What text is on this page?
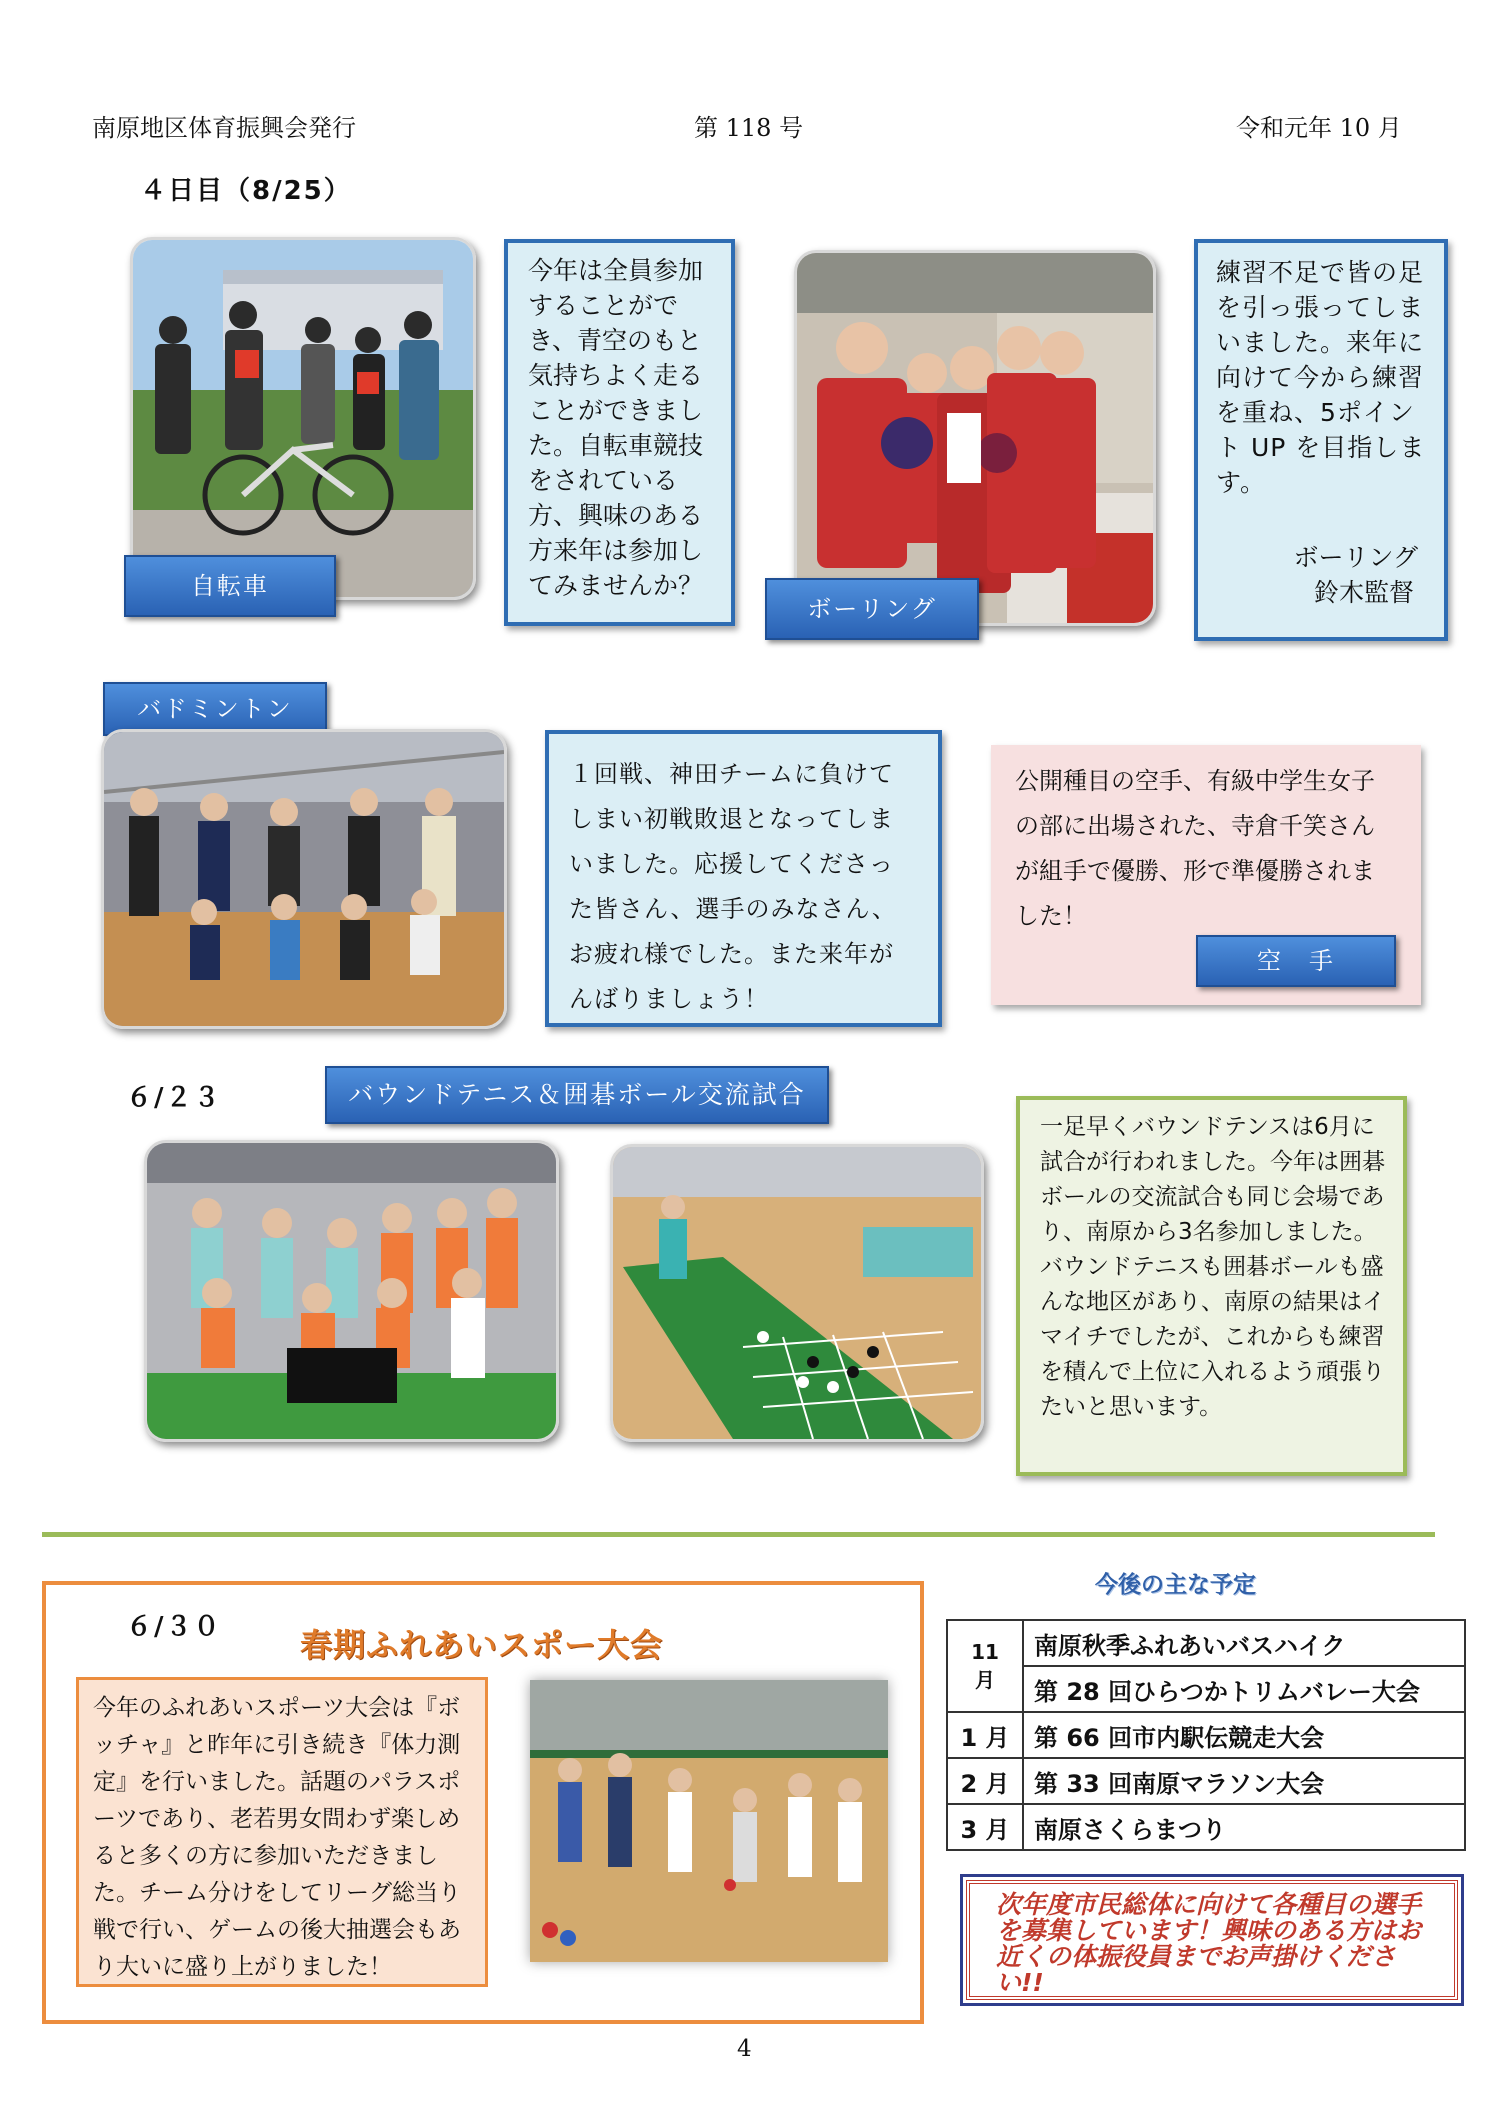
南原地区体育振興会発行	第 118 号	令和元年 10 月
４日目（8/25）
自転車
今年は全員参加することができ、青空のもと気持ちよく走ることができました。自転車競技をされている方、興味のある方来年は参加してみませんか？
ボーリング
練習不足で皆の足を引っ張ってしまいました。来年に向けて今から練習を重ね、5ポイント UP を目指します。
ボーリング
鈴木監督
バドミントン
１回戦、神田チームに負けてしまい初戦敗退となってしまいました。応援してくださった皆さん、選手のみなさん、お疲れ様でした。また来年がんばりましょう！
公開種目の空手、有級中学生女子の部に出場された、寺倉千笑さんが組手で優勝、形で準優勝されました！
空　手
６/２３	バウンドテニス＆囲碁ボール交流試合
一足早くバウンドテンスは6月に試合が行われました。今年は囲碁ボールの交流試合も同じ会場であり、南原から3名参加しました。バウンドテニスも囲碁ボールも盛んな地区があり、南原の結果はイマイチでしたが、これからも練習を積んで上位に入れるよう頑張りたいと思います。
６/３０ 春期ふれあいスポー大会
今年のふれあいスポーツ大会は『ボッチャ』と昨年に引き続き『体力測定』を行いました。話題のパラスポーツであり、老若男女問わず楽しめると多くの方に参加いただきました。チーム分けをしてリーグ総当り戦で行い、ゲームの後大抽選会もあり大いに盛り上がりました！
今後の主な予定
11 月	南原秋季ふれあいバスハイク
	第 28 回ひらつかトリムバレー大会
1 月	第 66 回市内駅伝競走大会
2 月	第 33 回南原マラソン大会
3 月	南原さくらまつり
次年度市民総体に向けて各種目の選手を募集しています！興味のある方はお近くの体振役員までお声掛けください!!
4
